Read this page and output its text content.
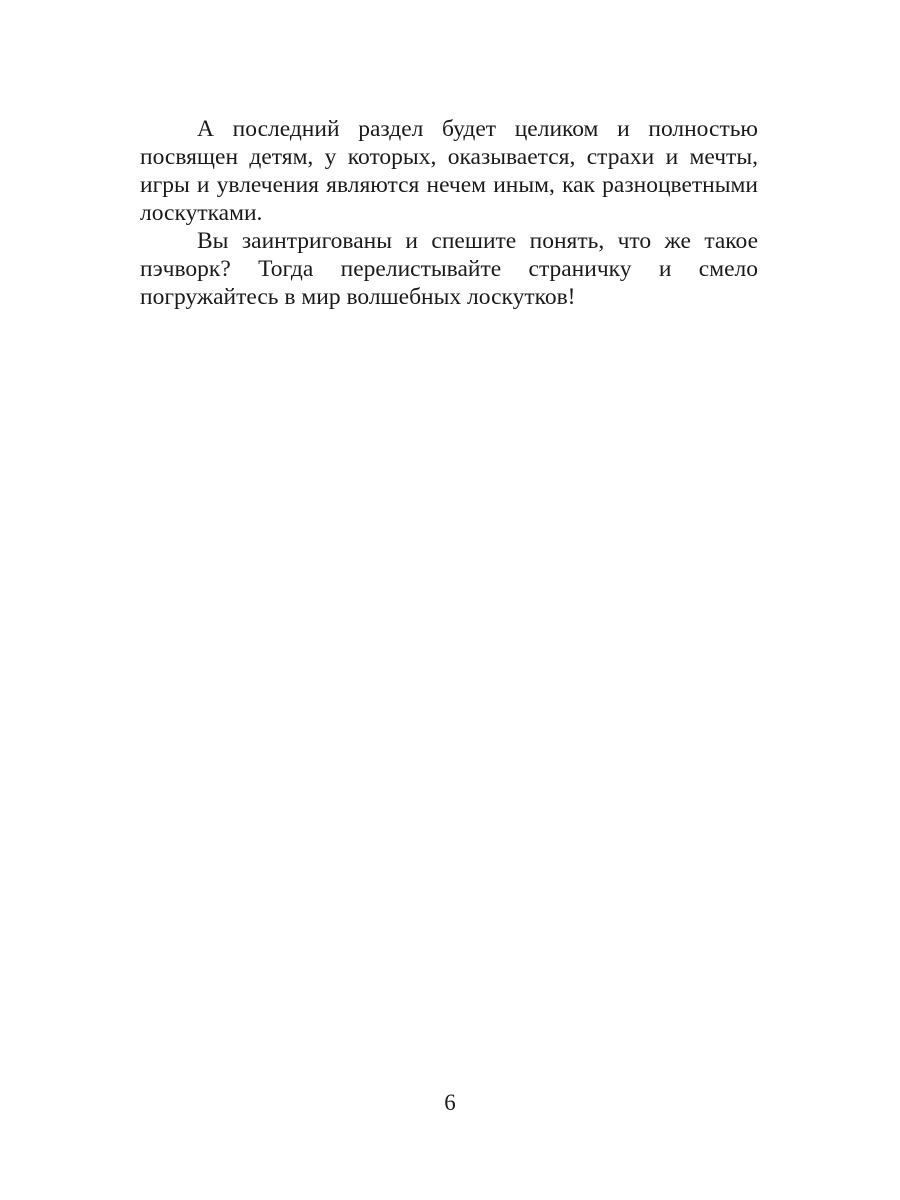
А последний раздел будет целиком и полностью посвящен детям, у которых, оказывается, страхи и мечты, игры и увлечения являются нечем иным, как разноцветными лоскутками.

Вы заинтригованы и спешите понять, что же такое пэчворк? Тогда перелистывайте страничку и смело погружайтесь в мир волшебных лоскутков!

6
